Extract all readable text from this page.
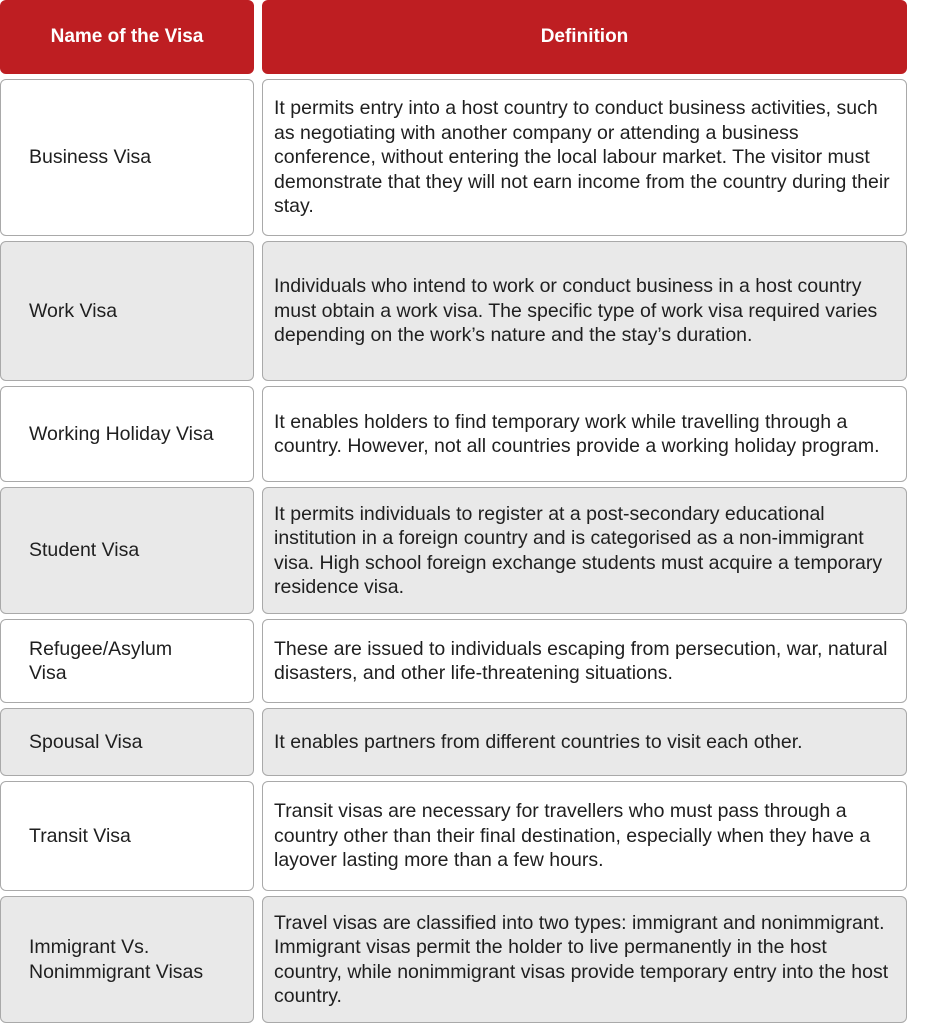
Name of the Visa	Definition
Business Visa
It permits entry into a host country to conduct business activities, such as negotiating with another company or attending a business conference, without entering the local labour market. The visitor must demonstrate that they will not earn income from the country during their stay.
Work Visa
Individuals who intend to work or conduct business in a host country must obtain a work visa. The specific type of work visa required varies depending on the work’s nature and the stay’s duration.
Working Holiday Visa
It enables holders to find temporary work while travelling through a country. However, not all countries provide a working holiday program.
Student Visa
It permits individuals to register at a post-secondary educational institution in a foreign country and is categorised as a non-immigrant visa. High school foreign exchange students must acquire a temporary residence visa.
Refugee/Asylum Visa
These are issued to individuals escaping from persecution, war, natural disasters, and other life-threatening situations.
Spousal Visa	It enables partners from different countries to visit each other.
Transit Visa
Transit visas are necessary for travellers who must pass through a country other than their final destination, especially when they have a layover lasting more than a few hours.
Immigrant Vs. Nonimmigrant Visas
Travel visas are classified into two types: immigrant and nonimmigrant. Immigrant visas permit the holder to live permanently in the host country, while nonimmigrant visas provide temporary entry into the host country.
